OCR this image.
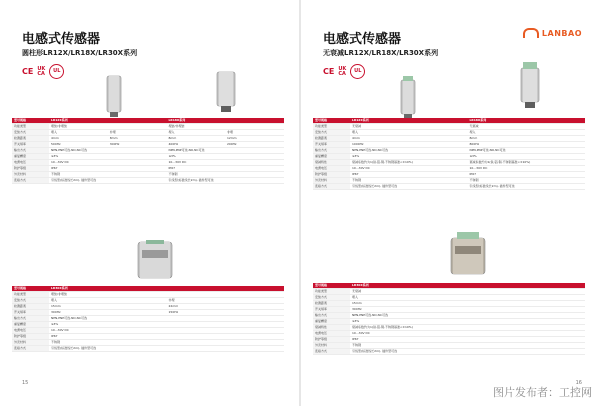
电感式传感器
圆柱形LR12X/LR18X/LR30X系列
CE UK
CA	UL
型号规格	LR12X系列		LR18X系列	
功能类型	埋装/非埋装		埋装/非埋装	
安装方式	埋入	非埋	埋入	非埋
检测距离	4mm	8mm	8mm	12mm
开关频率	500Hz	300Hz	400Hz	200Hz
输出方式	NPN,PNP可选,NO,NC可选		NPN,PNP可选,NO,NC可选	
重复精度	≤3%		≤3%	
电源电压	10...30V DC		10...30V DC	
防护等级	IP67		IP67	
外壳材料	不锈钢		不锈钢	
连接方式	引线型(标准线长2m), 插件型可选		引线型(标准线长2m), 插件型可选	
型号规格	LR30X系列	
功能类型	埋装/非埋装	
安装方式	埋入	非埋
检测距离	15mm	22mm
开关频率	300Hz	150Hz
输出方式	NPN,PNP可选,NO,NC可选	
重复精度	≤3%	
电源电压	10...30V DC	
防护等级	IP67	
外壳材料	不锈钢	
连接方式	引线型(标准线长2m), 插件型可选	
15
电感式传感器
无衰减LR12X/LR18X/LR30X系列
CE UK
CA	UL
LANBAO
型号规格	LR12X系列	LR18X系列
功能类型	无衰减	无衰减
安装方式	埋入	埋入
检测距离	4mm	8mm
开关频率	1000Hz	800Hz
输出方式	NPN,PNP可选,NO,NC可选	NPN,PNP可选,NO,NC可选
重复精度	≤3%	≤3%
衰减特性	衰减系数约为1(铁,铝,铜,不锈钢基准<±10%)	衰减系数约为1(铁,铝,铜,不锈钢基准<±10%)
电源电压	10...30V DC	10...30V DC
防护等级	IP67	IP67
外壳材料	不锈钢	不锈钢
连接方式	引线型(标准线长2m), 插件型可选	引线型(标准线长2m), 插件型可选
型号规格	LR30X系列
功能类型	无衰减
安装方式	埋入
检测距离	15mm
开关频率	300Hz
输出方式	NPN,PNP可选,NO,NC可选
重复精度	≤3%
衰减特性	衰减系数约为1(铁,铝,铜,不锈钢基准<±10%)
电源电压	10...30V DC
防护等级	IP67
外壳材料	不锈钢
连接方式	引线型(标准线长2m), 插件型可选
16
图片发布者：工控网
